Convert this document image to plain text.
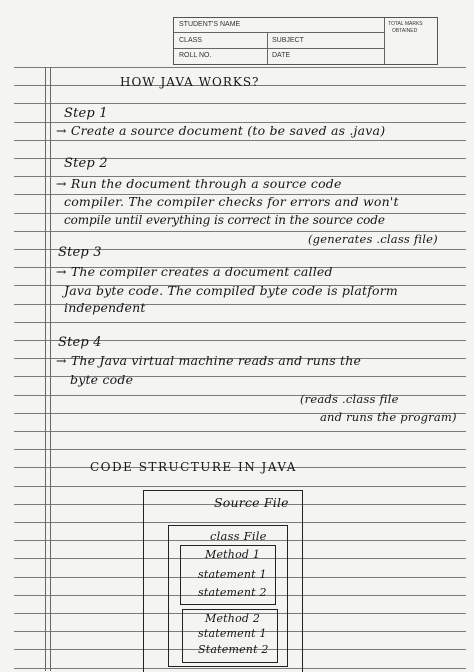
STUDENT'S NAME
CLASS	SUBJECT
ROLL NO.	DATE
TOTAL MARKS
OBTAINED
HOW JAVA WORKS?
Step 1
→ Create a source document (to be saved as .java)
Step 2
→ Run the document through a source code
compiler. The compiler checks for errors and won't
compile until everything is correct in the source code
(generates .class file)
Step 3
→ The compiler creates a document called
Java byte code. The compiled byte code is platform
independent
Step 4
→ The Java virtual machine reads and runs the
byte code
(reads .class file
and runs the program)
CODE STRUCTURE IN JAVA
Source File
class File
Method 1
statement 1
statement 2
Method 2
statement 1
Statement 2
